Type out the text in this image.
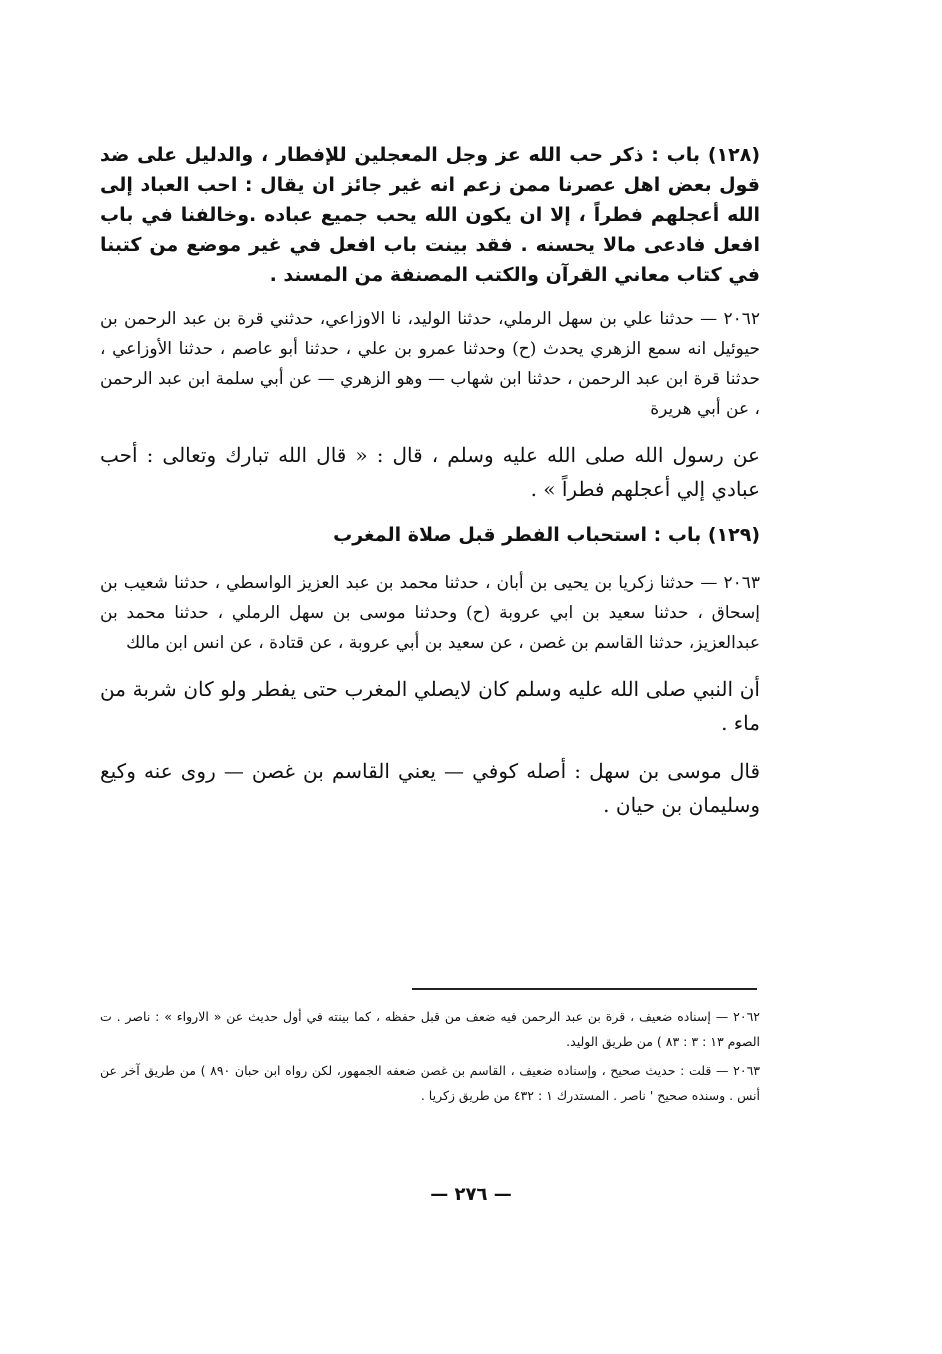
(١٢٨) باب : ذكر حب الله عز وجل المعجلين للإفطار ، والدليل على ضد قول بعض اهل عصرنا ممن زعم انه غير جائز ان يقال : احب العباد إلى الله أعجلهم فطراً ، إلا ان يكون الله يحب جميع عباده .وخالفنا في باب افعل فادعى مالا يحسنه . فقد بينت باب افعل في غير موضع من كتبنا في كتاب معاني القرآن والكتب المصنفة من المسند .

٢٠٦٢ — حدثنا علي بن سهل الرملي، حدثنا الوليد، نا الاوزاعي، حدثني قرة بن عبد الرحمن بن حيوئيل انه سمع الزهري يحدث (ح) وحدثنا عمرو بن علي ، حدثنا أبو عاصم ، حدثنا الأوزاعي ، حدثنا قرة ابن عبد الرحمن ، حدثنا ابن شهاب — وهو الزهري — عن أبي سلمة ابن عبد الرحمن ، عن أبي هريرة

عن رسول الله صلى الله عليه وسلم ، قال : « قال الله تبارك وتعالى : أحب عبادي إلي أعجلهم فطراً » .

(١٢٩) باب : استحباب الفطر قبل صلاة المغرب

٢٠٦٣ — حدثنا زكريا بن يحيى بن أبان ، حدثنا محمد بن عبد العزيز الواسطي ، حدثنا شعيب بن إسحاق ، حدثنا سعيد بن ابي عروبة (ح) وحدثنا موسى بن سهل الرملي ، حدثنا محمد بن عبدالعزيز، حدثنا القاسم بن غصن ، عن سعيد بن أبي عروبة ، عن قتادة ، عن انس ابن مالك

أن النبي صلى الله عليه وسلم كان لايصلي المغرب حتى يفطر ولو كان شربة من ماء .

قال موسى بن سهل : أصله كوفي — يعني القاسم بن غصن — روى عنه وكيع وسليمان بن حيان .

٢٠٦٢ — إسناده ضعيف ، قرة بن عبد الرحمن فيه ضعف من قبل حفظه ، كما بينته في أول حديث عن « الارواء » : ناصر . ت الصوم ١٣ : ٣ : ٨٣ ) من طريق الوليد.

٢٠٦٣ — قلت : حديث صحيح ، وإسناده ضعيف ، القاسم بن غصن ضعفه الجمهور، لكن رواه ابن حبان ٨٩٠ ) من طريق آخر عن أنس . وسنده صحيح ' ناصر . المستدرك ١ : ٤٣٢ من طريق زكريا .

— ٢٧٦ —
